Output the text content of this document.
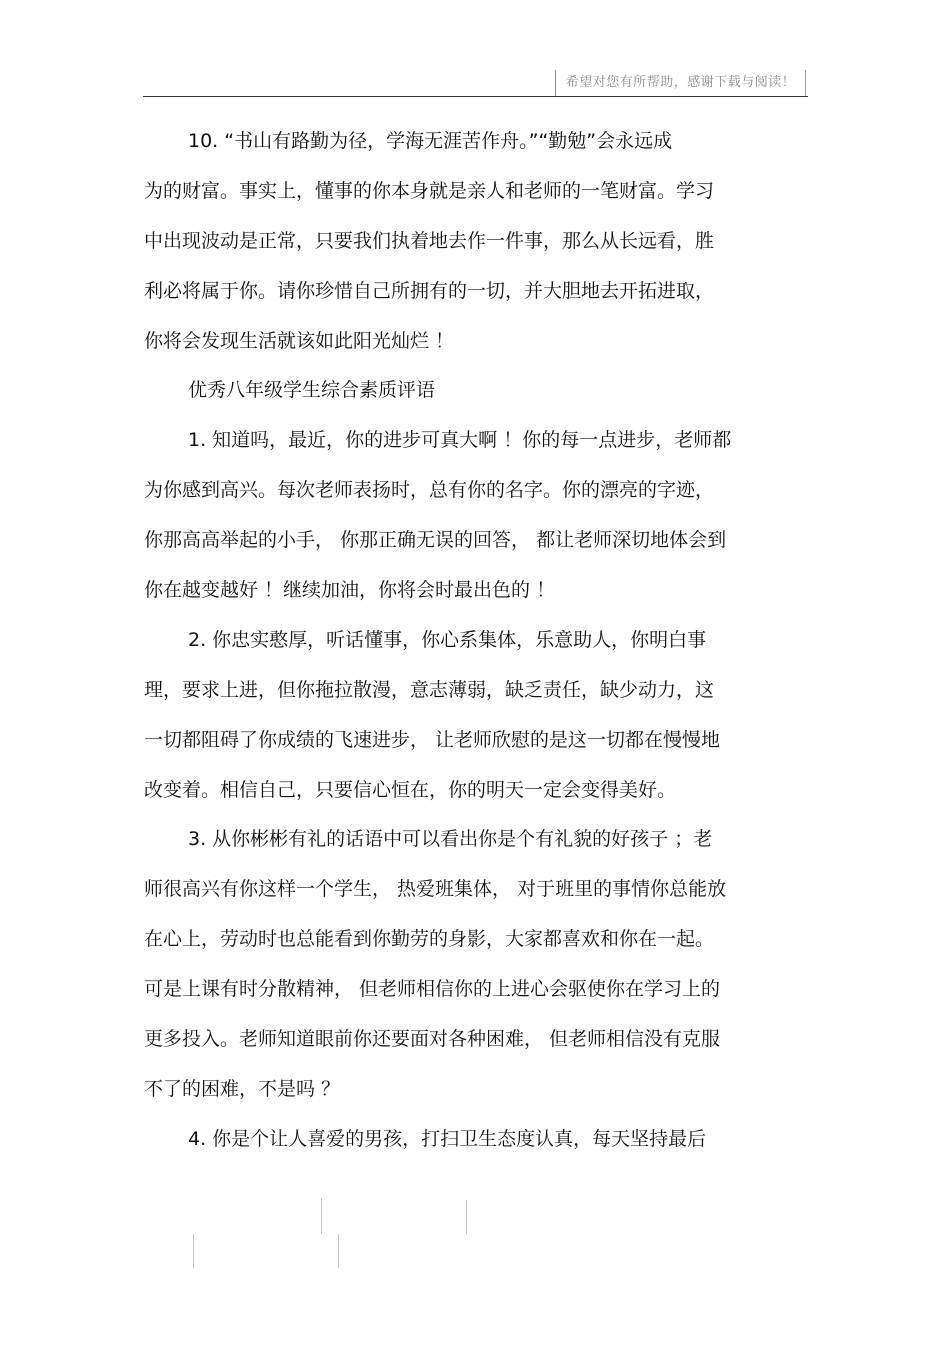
希望对您有所帮助，感谢下载与阅读！
10. “书山有路勤为径，学海无涯苦作舟。”“勤勉”会永远成
为的财富。事实上，懂事的你本身就是亲人和老师的一笔财富。学习
中出现波动是正常，只要我们执着地去作一件事，那么从长远看，胜
利必将属于你。请你珍惜自己所拥有的一切，并大胆地去开拓进取，
你将会发现生活就该如此阳光灿烂 ！
优秀八年级学生综合素质评语
1. 知道吗，最近，你的进步可真大啊 ！你的每一点进步，老师都
为你感到高兴。每次老师表扬时，总有你的名字。你的漂亮的字迹，
你那高高举起的小手， 你那正确无误的回答， 都让老师深切地体会到
你在越变越好 ！继续加油，你将会时最出色的 ！
2. 你忠实憨厚，听话懂事，你心系集体，乐意助人，你明白事
理，要求上进，但你拖拉散漫，意志薄弱，缺乏责任，缺少动力，这
一切都阻碍了你成绩的飞速进步， 让老师欣慰的是这一切都在慢慢地
改变着。相信自己，只要信心恒在，你的明天一定会变得美好。
3. 从你彬彬有礼的话语中可以看出你是个有礼貌的好孩子 ；老
师很高兴有你这样一个学生， 热爱班集体， 对于班里的事情你总能放
在心上，劳动时也总能看到你勤劳的身影，大家都喜欢和你在一起。
可是上课有时分散精神， 但老师相信你的上进心会驱使你在学习上的
更多投入。老师知道眼前你还要面对各种困难， 但老师相信没有克服
不了的困难，不是吗 ？
4. 你是个让人喜爱的男孩，打扫卫生态度认真，每天坚持最后
